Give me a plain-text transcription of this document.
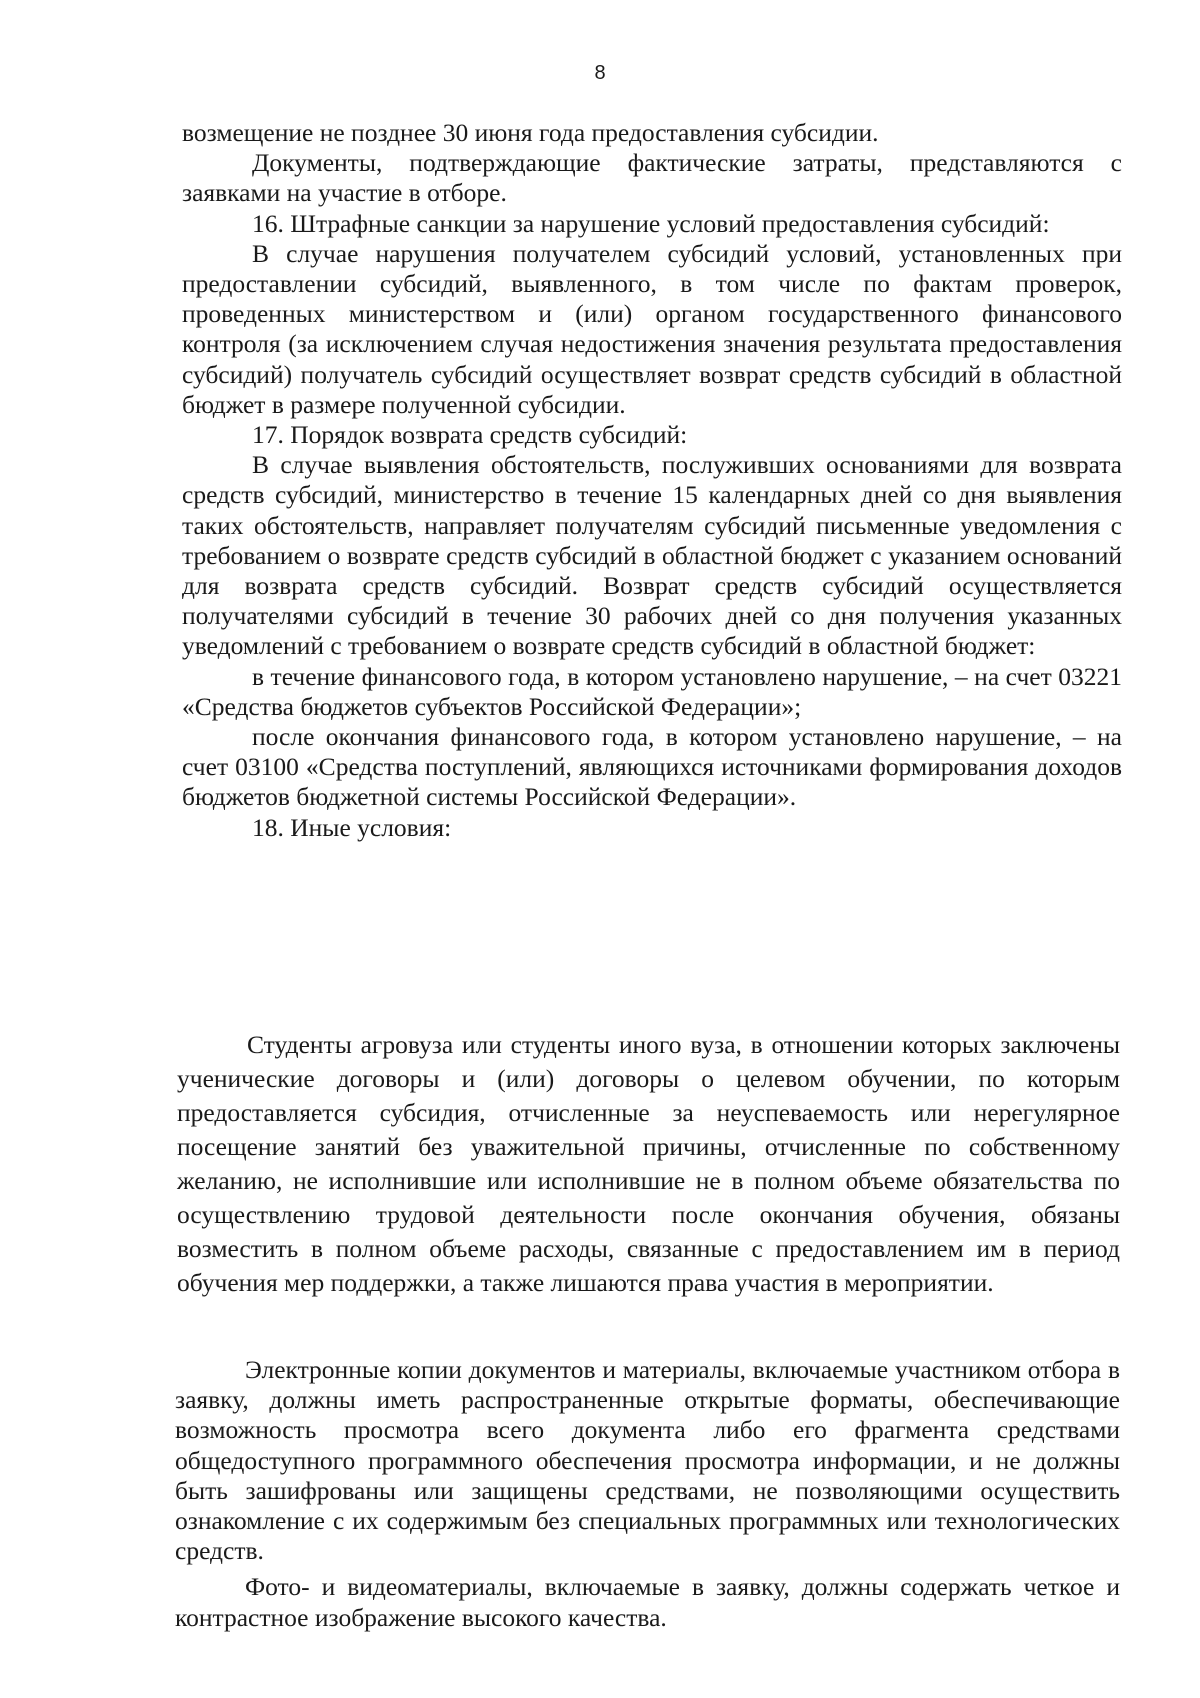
8

возмещение не позднее 30 июня года предоставления субсидии.

Документы, подтверждающие фактические затраты, представляются с заявками на участие в отборе.

16. Штрафные санкции за нарушение условий предоставления субсидий:

В случае нарушения получателем субсидий условий, установленных при предоставлении субсидий, выявленного, в том числе по фактам проверок, проведенных министерством и (или) органом государственного финансового контроля (за исключением случая недостижения значения результата предоставления субсидий) получатель субсидий осуществляет возврат средств субсидий в областной бюджет в размере полученной субсидии.

17. Порядок возврата средств субсидий:

В случае выявления обстоятельств, послуживших основаниями для возврата средств субсидий, министерство в течение 15 календарных дней со дня выявления таких обстоятельств, направляет получателям субсидий письменные уведомления с требованием о возврате средств субсидий в областной бюджет с указанием оснований для возврата средств субсидий. Возврат средств субсидий осуществляется получателями субсидий в течение 30 рабочих дней со дня получения указанных уведомлений с требованием о возврате средств субсидий в областной бюджет:

в течение финансового года, в котором установлено нарушение, – на счет 03221 «Средства бюджетов субъектов Российской Федерации»;

после окончания финансового года, в котором установлено нарушение, – на счет 03100 «Средства поступлений, являющихся источниками формирования доходов бюджетов бюджетной системы Российской Федерации».

18. Иные условия:

Студенты агровуза или студенты иного вуза, в отношении которых заключены ученические договоры и (или) договоры о целевом обучении, по которым предоставляется субсидия, отчисленные за неуспеваемость или нерегулярное посещение занятий без уважительной причины, отчисленные по собственному желанию, не исполнившие или исполнившие не в полном объеме обязательства по осуществлению трудовой деятельности после окончания обучения, обязаны возместить в полном объеме расходы, связанные с предоставлением им в период обучения мер поддержки, а также лишаются права участия в мероприятии.

Электронные копии документов и материалы, включаемые участником отбора в заявку, должны иметь распространенные открытые форматы, обеспечивающие возможность просмотра всего документа либо его фрагмента средствами общедоступного программного обеспечения просмотра информации, и не должны быть зашифрованы или защищены средствами, не позволяющими осуществить ознакомление с их содержимым без специальных программных или технологических средств.

Фото- и видеоматериалы, включаемые в заявку, должны содержать четкое и контрастное изображение высокого качества.
